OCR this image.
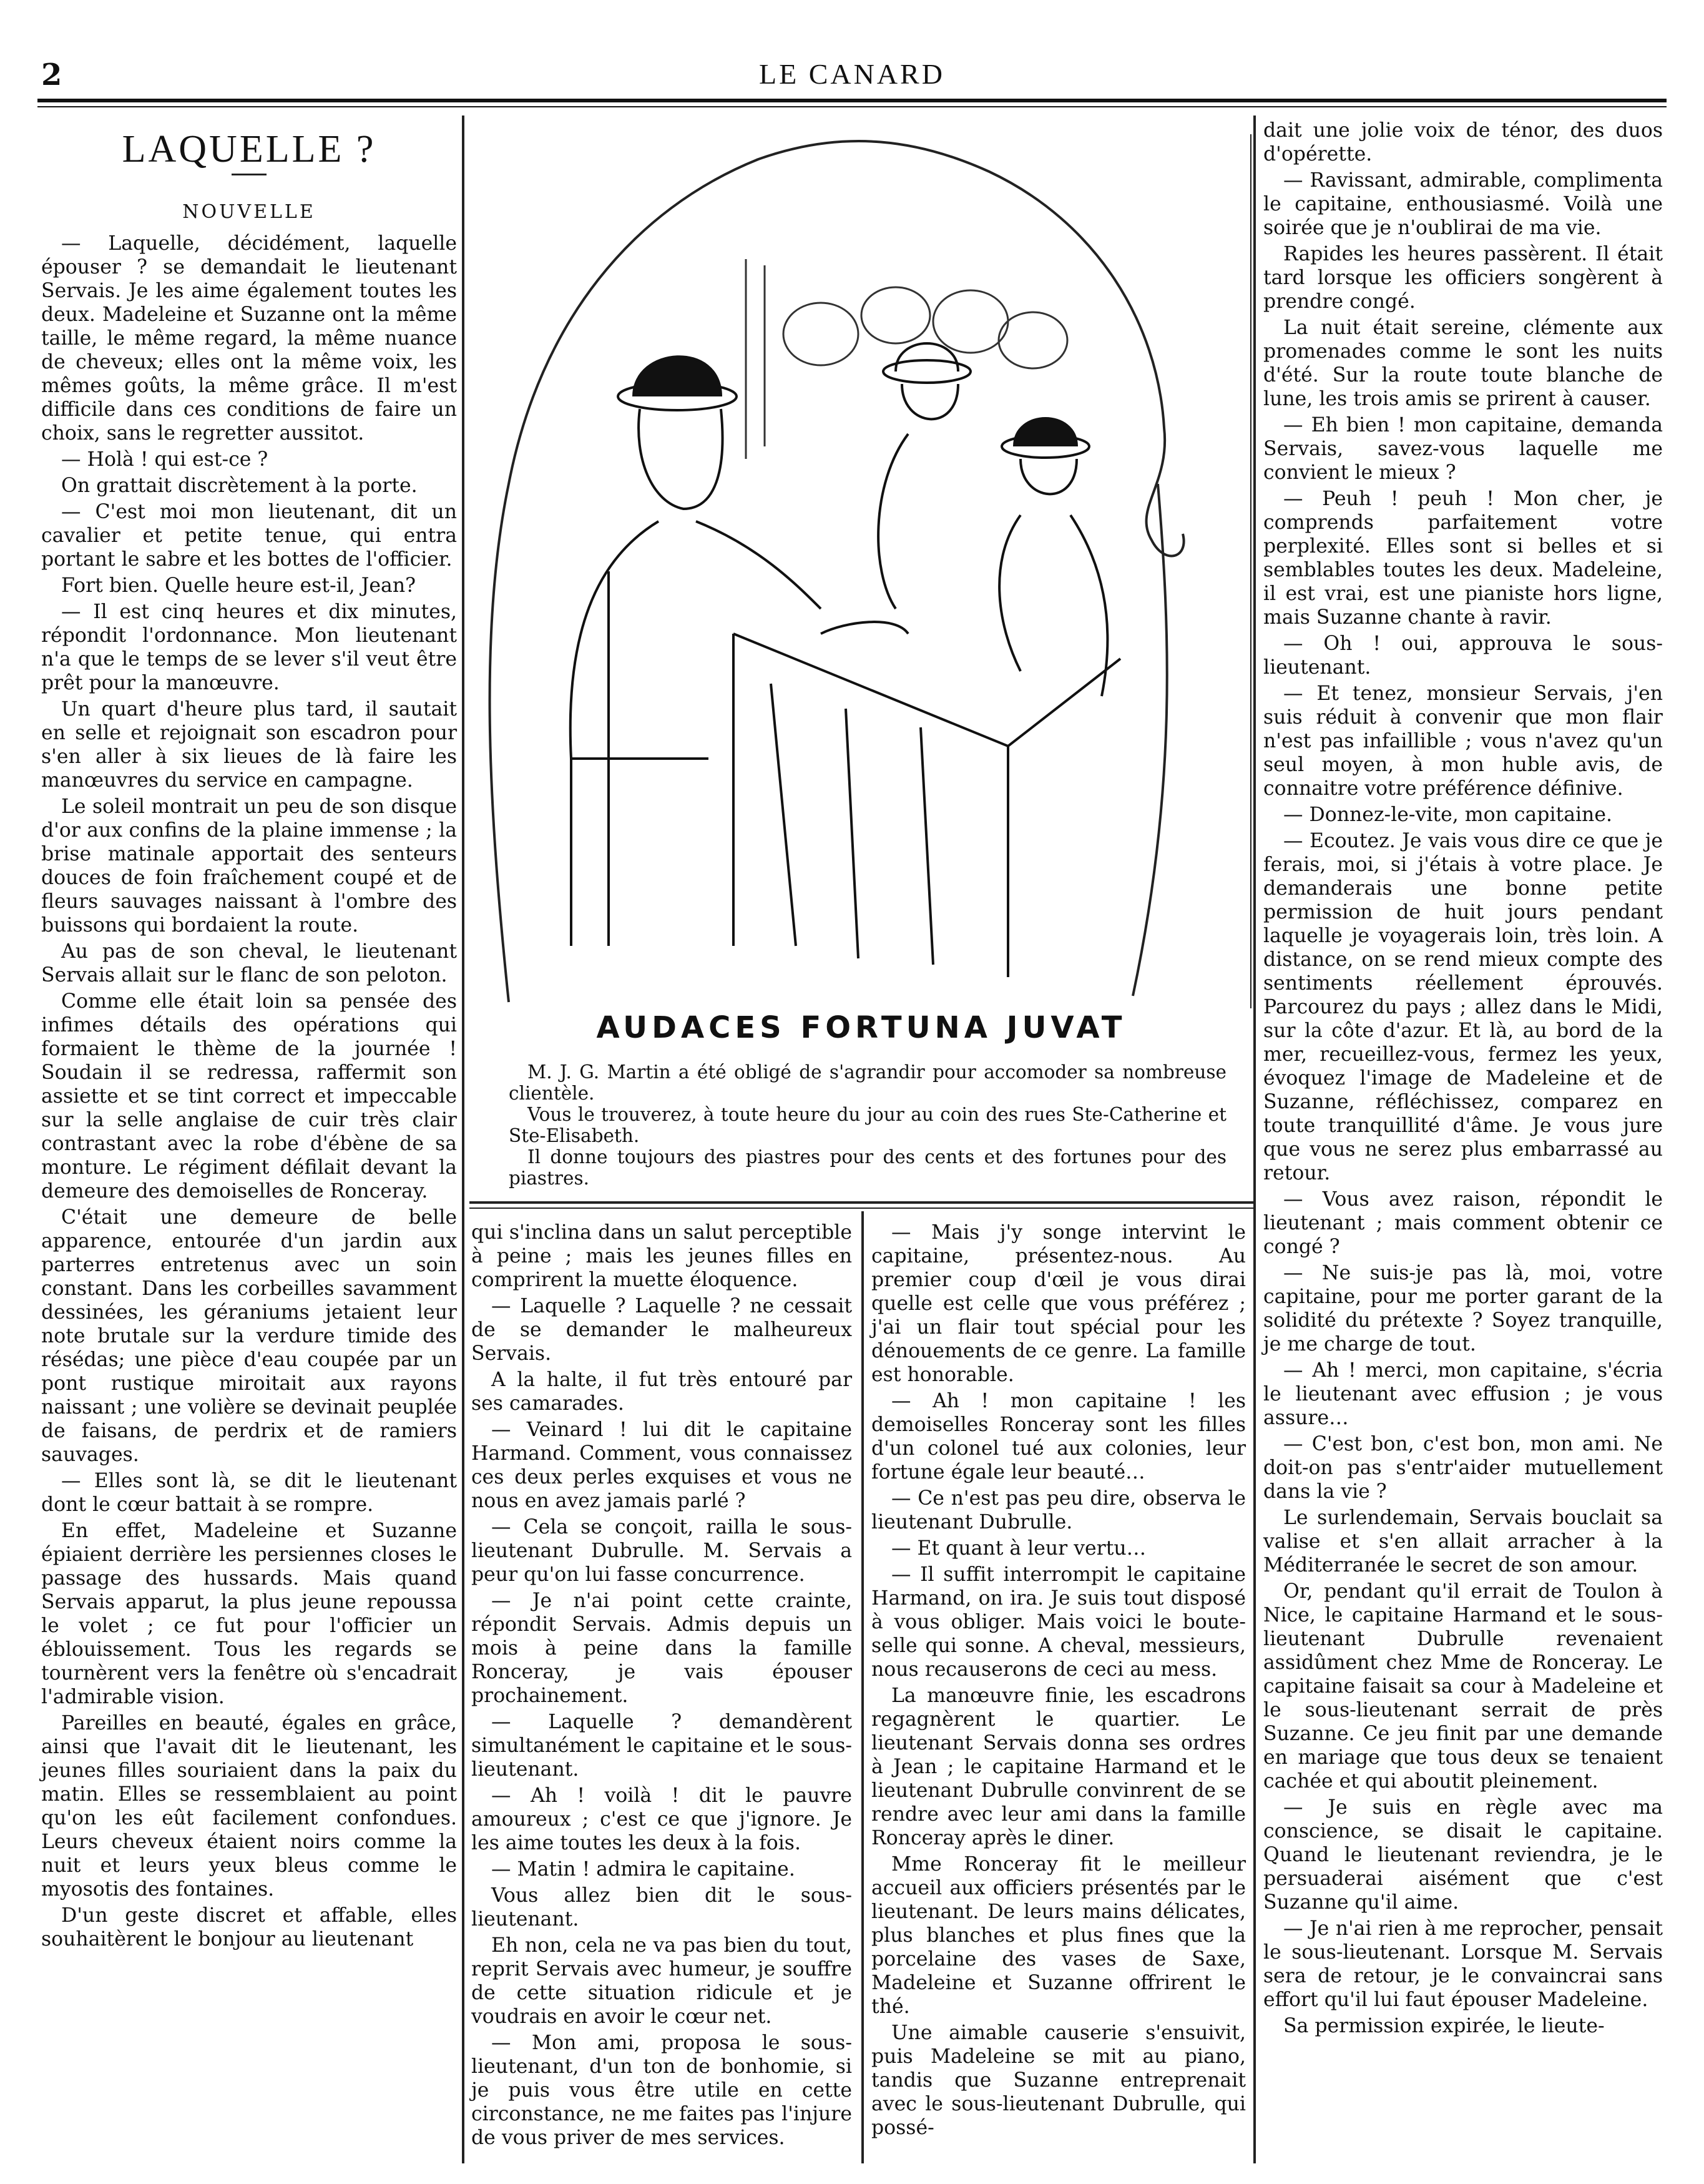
2	LE CANARD
LAQUELLE ?
NOUVELLE

— Laquelle, décidément, laquelle épouser ? se demandait le lieutenant Servais. Je les aime également toutes les deux. Madeleine et Suzanne ont la même taille, le même regard, la même nuance de cheveux; elles ont la même voix, les mêmes goûts, la même grâce. Il m'est difficile dans ces conditions de faire un choix, sans le regretter aussitot.

— Holà ! qui est-ce ?

On grattait discrètement à la porte.

— C'est moi mon lieutenant, dit un cavalier et petite tenue, qui entra portant le sabre et les bottes de l'officier.

Fort bien. Quelle heure est-il, Jean?

— Il est cinq heures et dix minutes, répondit l'ordonnance. Mon lieutenant n'a que le temps de se lever s'il veut être prêt pour la manœuvre.

Un quart d'heure plus tard, il sautait en selle et rejoignait son escadron pour s'en aller à six lieues de là faire les manœuvres du service en campagne.

Le soleil montrait un peu de son disque d'or aux confins de la plaine immense ; la brise matinale apportait des senteurs douces de foin fraîchement coupé et de fleurs sauvages naissant à l'ombre des buissons qui bordaient la route.

Au pas de son cheval, le lieutenant Servais allait sur le flanc de son peloton.

Comme elle était loin sa pensée des infimes détails des opérations qui formaient le thème de la journée ! Soudain il se redressa, raffermit son assiette et se tint correct et impeccable sur la selle anglaise de cuir très clair contrastant avec la robe d'ébène de sa monture. Le régiment défilait devant la demeure des demoiselles de Ronceray.

C'était une demeure de belle apparence, entourée d'un jardin aux parterres entretenus avec un soin constant. Dans les corbeilles savamment dessinées, les géraniums jetaient leur note brutale sur la verdure timide des résédas; une pièce d'eau coupée par un pont rustique miroitait aux rayons naissant ; une volière se devinait peuplée de faisans, de perdrix et de ramiers sauvages.

— Elles sont là, se dit le lieutenant dont le cœur battait à se rompre.

En effet, Madeleine et Suzanne épiaient derrière les persiennes closes le passage des hussards. Mais quand Servais apparut, la plus jeune repoussa le volet ; ce fut pour l'officier un éblouissement. Tous les regards se tournèrent vers la fenêtre où s'encadrait l'admirable vision.

Pareilles en beauté, égales en grâce, ainsi que l'avait dit le lieutenant, les jeunes filles souriaient dans la paix du matin. Elles se ressemblaient au point qu'on les eût facilement confondues. Leurs cheveux étaient noirs comme la nuit et leurs yeux bleus comme le myosotis des fontaines.

D'un geste discret et affable, elles souhaitèrent le bonjour au lieutenant

AUDACES FORTUNA JUVAT

M. J. G. Martin a été obligé de s'agrandir pour accomoder sa nombreuse clientèle.

Vous le trouverez, à toute heure du jour au coin des rues Ste-Catherine et Ste-Elisabeth.

Il donne toujours des piastres pour des cents et des fortunes pour des piastres.

qui s'inclina dans un salut perceptible à peine ; mais les jeunes filles en comprirent la muette éloquence.

— Laquelle ? Laquelle ? ne cessait de se demander le malheureux Servais.

A la halte, il fut très entouré par ses camarades.

— Veinard ! lui dit le capitaine Harmand. Comment, vous connaissez ces deux perles exquises et vous ne nous en avez jamais parlé ?

— Cela se conçoit, railla le sous-lieutenant Dubrulle. M. Servais a peur qu'on lui fasse concurrence.

— Je n'ai point cette crainte, répondit Servais. Admis depuis un mois à peine dans la famille Ronceray, je vais épouser prochainement.

— Laquelle ? demandèrent simultanément le capitaine et le sous-lieutenant.

— Ah ! voilà ! dit le pauvre amoureux ; c'est ce que j'ignore. Je les aime toutes les deux à la fois.

— Matin ! admira le capitaine.

Vous allez bien dit le sous-lieutenant.

Eh non, cela ne va pas bien du tout, reprit Servais avec humeur, je souffre de cette situation ridicule et je voudrais en avoir le cœur net.

— Mon ami, proposa le sous-lieutenant, d'un ton de bonhomie, si je puis vous être utile en cette circonstance, ne me faites pas l'injure de vous priver de mes services.

— Mais j'y songe intervint le capitaine, présentez-nous. Au premier coup d'œil je vous dirai quelle est celle que vous préférez ; j'ai un flair tout spécial pour les dénouements de ce genre. La famille est honorable.

— Ah ! mon capitaine ! les demoiselles Ronceray sont les filles d'un colonel tué aux colonies, leur fortune égale leur beauté…

— Ce n'est pas peu dire, observa le lieutenant Dubrulle.

— Et quant à leur vertu…

— Il suffit interrompit le capitaine Harmand, on ira. Je suis tout disposé à vous obliger. Mais voici le boute-selle qui sonne. A cheval, messieurs, nous recauserons de ceci au mess.

La manœuvre finie, les escadrons regagnèrent le quartier. Le lieutenant Servais donna ses ordres à Jean ; le capitaine Harmand et le lieutenant Dubrulle convinrent de se rendre avec leur ami dans la famille Ronceray après le diner.

Mme Ronceray fit le meilleur accueil aux officiers présentés par le lieutenant. De leurs mains délicates, plus blanches et plus fines que la porcelaine des vases de Saxe, Madeleine et Suzanne offrirent le thé.

Une aimable causerie s'ensuivit, puis Madeleine se mit au piano, tandis que Suzanne entreprenait avec le sous-lieutenant Dubrulle, qui possé-

dait une jolie voix de ténor, des duos d'opérette.

— Ravissant, admirable, complimenta le capitaine, enthousiasmé. Voilà une soirée que je n'oublirai de ma vie.

Rapides les heures passèrent. Il était tard lorsque les officiers songèrent à prendre congé.

La nuit était sereine, clémente aux promenades comme le sont les nuits d'été. Sur la route toute blanche de lune, les trois amis se prirent à causer.

— Eh bien ! mon capitaine, demanda Servais, savez-vous laquelle me convient le mieux ?

— Peuh ! peuh ! Mon cher, je comprends parfaitement votre perplexité. Elles sont si belles et si semblables toutes les deux. Madeleine, il est vrai, est une pianiste hors ligne, mais Suzanne chante à ravir.

— Oh ! oui, approuva le sous-lieutenant.

— Et tenez, monsieur Servais, j'en suis réduit à convenir que mon flair n'est pas infaillible ; vous n'avez qu'un seul moyen, à mon huble avis, de connaitre votre préférence définive.

— Donnez-le-vite, mon capitaine.

— Ecoutez. Je vais vous dire ce que je ferais, moi, si j'étais à votre place. Je demanderais une bonne petite permission de huit jours pendant laquelle je voyagerais loin, très loin. A distance, on se rend mieux compte des sentiments réellement éprouvés. Parcourez du pays ; allez dans le Midi, sur la côte d'azur. Et là, au bord de la mer, recueillez-vous, fermez les yeux, évoquez l'image de Madeleine et de Suzanne, réfléchissez, comparez en toute tranquillité d'âme. Je vous jure que vous ne serez plus embarrassé au retour.

— Vous avez raison, répondit le lieutenant ; mais comment obtenir ce congé ?

— Ne suis-je pas là, moi, votre capitaine, pour me porter garant de la solidité du prétexte ? Soyez tranquille, je me charge de tout.

— Ah ! merci, mon capitaine, s'écria le lieutenant avec effusion ; je vous assure…

— C'est bon, c'est bon, mon ami. Ne doit-on pas s'entr'aider mutuellement dans la vie ?

Le surlendemain, Servais bouclait sa valise et s'en allait arracher à la Méditerranée le secret de son amour.

Or, pendant qu'il errait de Toulon à Nice, le capitaine Harmand et le sous-lieutenant Dubrulle revenaient assidûment chez Mme de Ronceray. Le capitaine faisait sa cour à Madeleine et le sous-lieutenant serrait de près Suzanne. Ce jeu finit par une demande en mariage que tous deux se tenaient cachée et qui aboutit pleinement.

— Je suis en règle avec ma conscience, se disait le capitaine. Quand le lieutenant reviendra, je le persuaderai aisément que c'est Suzanne qu'il aime.

— Je n'ai rien à me reprocher, pensait le sous-lieutenant. Lorsque M. Servais sera de retour, je le convaincrai sans effort qu'il lui faut épouser Madeleine.

Sa permission expirée, le lieute-
